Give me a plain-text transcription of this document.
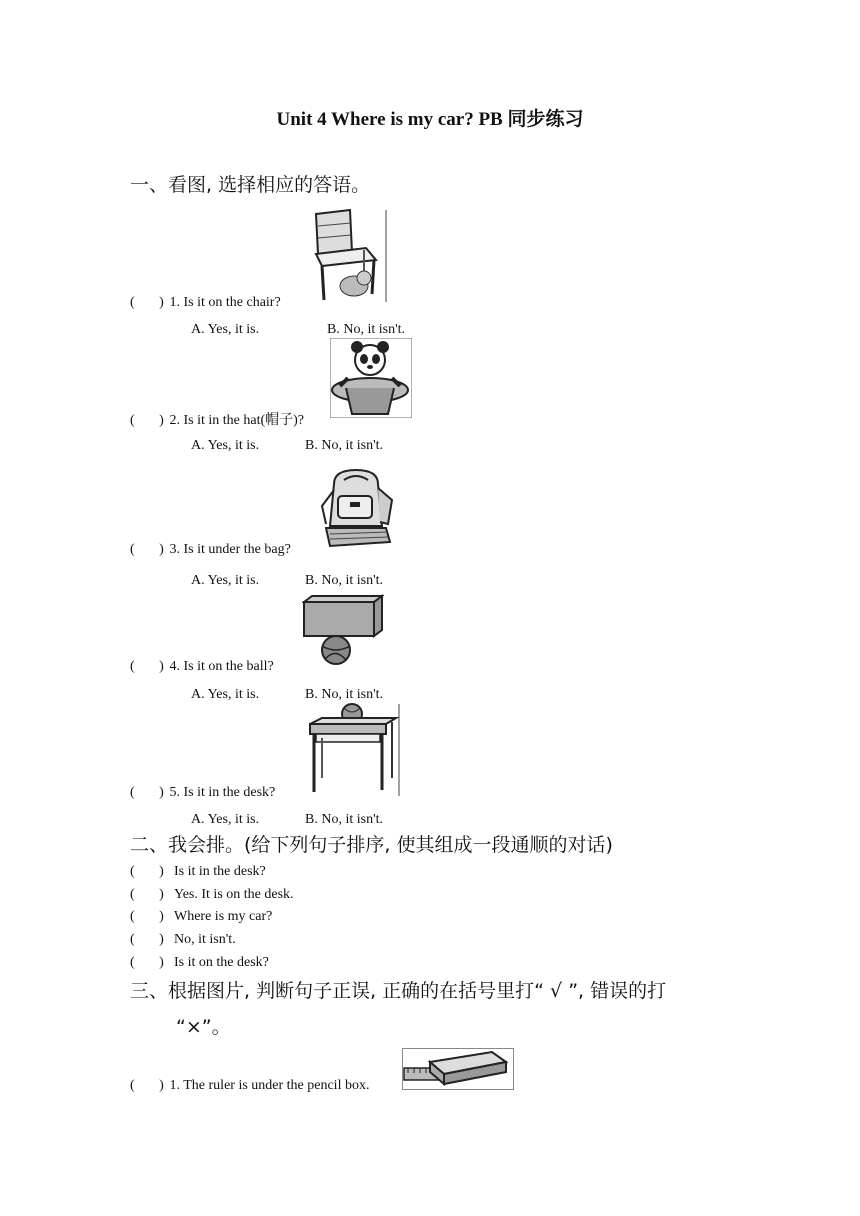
Unit 4 Where is my car? PB 同步练习
一、看图, 选择相应的答语。
( ) 1. Is it on the chair?
A. Yes, it is.	B. No, it isn't.
( ) 2. Is it in the hat(帽子)?
A. Yes, it is.	B. No, it isn't.
( ) 3. Is it under the bag?
A. Yes, it is.	B. No, it isn't.
( ) 4. Is it on the ball?
A. Yes, it is.	B. No, it isn't.
( ) 5. Is it in the desk?
A. Yes, it is.	B. No, it isn't.
二、我会排。(给下列句子排序, 使其组成一段通顺的对话)
( ) Is it in the desk?
( ) Yes. It is on the desk.
( ) Where is my car?
( ) No, it isn't.
( ) Is it on the desk?
三、根据图片, 判断句子正误, 正确的在括号里打“ √ ”, 错误的打
“×”。
( ) 1. The ruler is under the pencil box.
